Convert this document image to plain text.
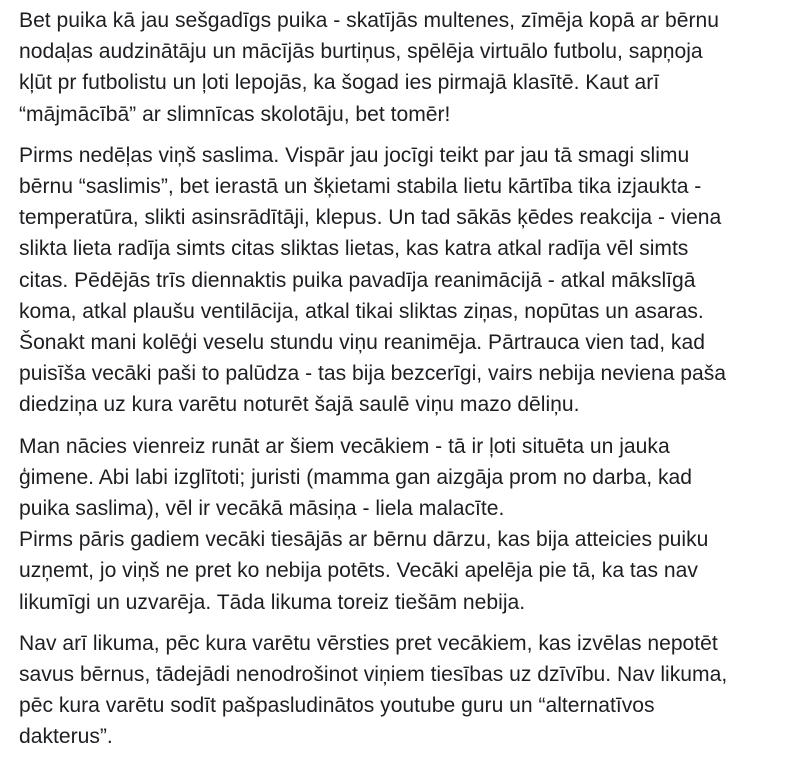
Bet puika kā jau sešgadīgs puika - skatījās multenes, zīmēja kopā ar bērnu
nodaļas audzinātāju un mācījās burtiņus, spēlēja virtuālo futbolu, sapņoja
kļūt pr futbolistu un ļoti lepojās, ka šogad ies pirmajā klasītē. Kaut arī
“mājmācībā” ar slimnīcas skolotāju, bet tomēr!

Pirms nedēļas viņš saslima. Vispār jau jocīgi teikt par jau tā smagi slimu
bērnu “saslimis”, bet ierastā un šķietami stabila lietu kārtība tika izjaukta -
temperatūra, slikti asinsrādītāji, klepus. Un tad sākās ķēdes reakcija - viena
slikta lieta radīja simts citas sliktas lietas, kas katra atkal radīja vēl simts
citas. Pēdējās trīs diennaktis puika pavadīja reanimācijā - atkal mākslīgā
koma, atkal plaušu ventilācija, atkal tikai sliktas ziņas, nopūtas un asaras.
Šonakt mani kolēģi veselu stundu viņu reanimēja. Pārtrauca vien tad, kad
puisīša vecāki paši to palūdza - tas bija bezcerīgi, vairs nebija neviena paša
diedziņa uz kura varētu noturēt šajā saulē viņu mazo dēliņu.

Man nācies vienreiz runāt ar šiem vecākiem - tā ir ļoti situēta un jauka
ģimene. Abi labi izglītoti; juristi (mamma gan aizgāja prom no darba, kad
puika saslima), vēl ir vecākā māsiņa - liela malacīte.
Pirms pāris gadiem vecāki tiesājās ar bērnu dārzu, kas bija atteicies puiku
uzņemt, jo viņš ne pret ko nebija potēts. Vecāki apelēja pie tā, ka tas nav
likumīgi un uzvarēja. Tāda likuma toreiz tiešām nebija.

Nav arī likuma, pēc kura varētu vērsties pret vecākiem, kas izvēlas nepotēt
savus bērnus, tādejādi nenodrošinot viņiem tiesības uz dzīvību. Nav likuma,
pēc kura varētu sodīt pašpasludinātos youtube guru un “alternatīvos
dakterus”.
